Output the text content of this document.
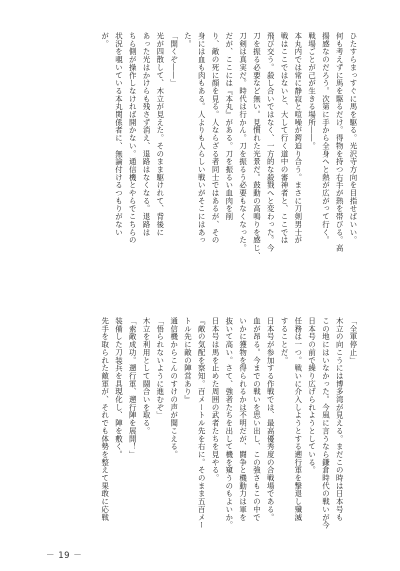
ひたすらまっすぐに馬を駆る。光沢寺方向を目指せばいい。
何も考えずに馬を駆るだけ。得物を持つ右手が熱を帯びる。高
揚感なのだろう。次第に手から全身へと熱が広がって行く。
戦場ごとが己が生きる場所――。
本丸内では常に静寂と喧噪が鍔迫り合う。まさに刀剣男士が
戦はここではないと、大して行く道中の審神者と、ここでは
飛び交う。殺し合いではなく、一方的な殺戮へと変わった。今
刀を振る必要など無い。見慣れた光景だ。鼓動の高鳴りを感じ、
刀剣は真実だ。時代は行かん。刀を振るう必要もなくなった。
だが、ここには『本丸』がある。刀を振るい血肉を削
り、敵の死に顔を見る。人ならざる者同士ではあるが、その
身には血も肉もある。人よりも人らしい戦いがそこにはあっ
た。
「開くぞ――」
光が四散して、木立が見えた。そのまま駆けれて、背後に
あった光はかけらも残さず消え、退路はなくなる。退路は
ちら側が操作しなければ開かない。通信機とやらでこちらの
状況を覗いている本丸関係者に、無論付けるつもりがない
が。
「全軍停止」
木立の向こうには博多湾が見える。まだこの時は日本号も
この地にはいなかった。今風に言うなら鎌倉時代の戦いが今
日本号の前で繰り広げられようとしている。
任務は一つ。戦いに介入しようとする遡行軍を撃退し殲滅
することだ。
日本号が参加する作戦では、最高優秀度の合戦場である。
血が昂る。今までの戦いを思い出し、この強さもこの中で
いかに獲物を得られるかは不明だが、闘争と機動力は軍を
抜いて高い。さて、強者たちを出して機を窺うのもよいか。
日本号は馬を止めた周囲の武者たちを見やる。
『敵の気配を察知。百メートル先を右に。そのまま五百メー
トル先に敵の陣営あり』
通信機からこんのすけの声が聞こえる。
「悟られないように進むぞ」
木立を利用として闘合いを取る。
「索敵成功。遡行軍、遡行陣を展開！」
装備した刀装兵を具現化し、陣を敷く。
先手を取られた敵軍が、それでも体勢を整えて果敢に応戦
－ 19 －
